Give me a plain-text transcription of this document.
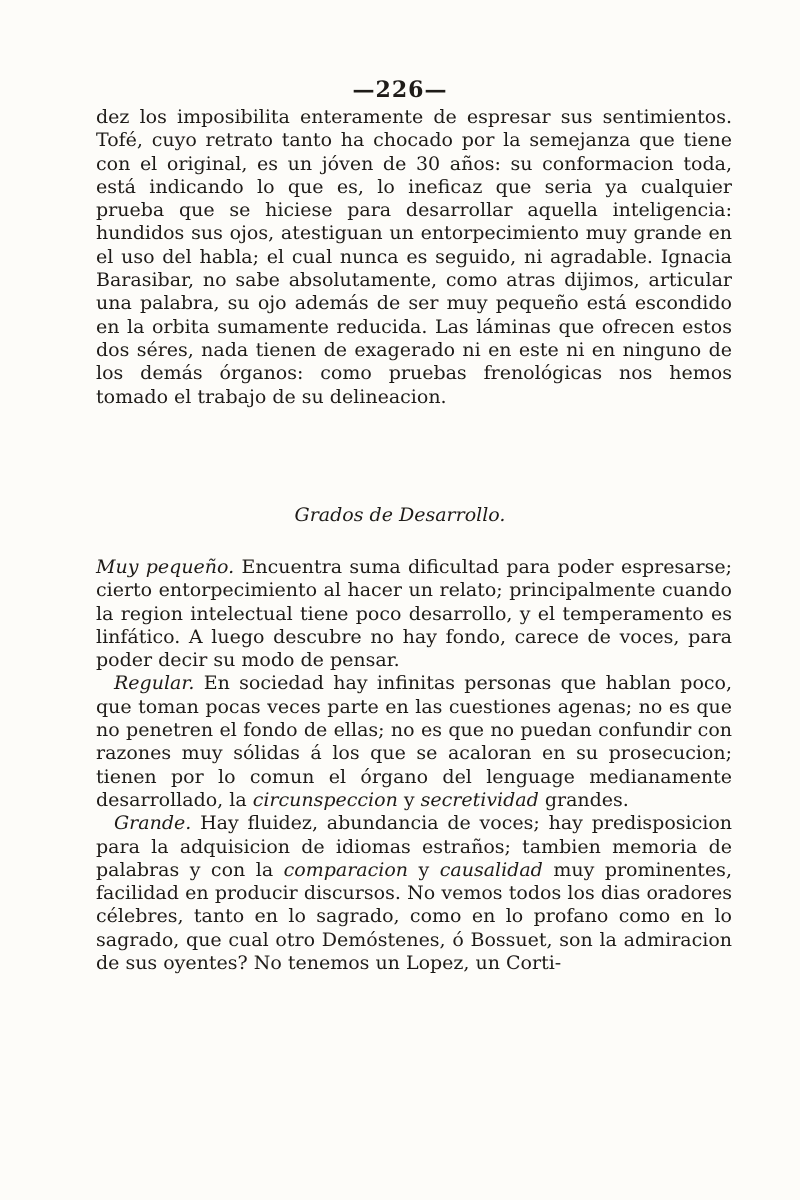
—226—

dez los imposibilita enteramente de espresar sus sentimientos. Tofé, cuyo retrato tanto ha chocado por la semejanza que tiene con el original, es un jóven de 30 años: su conformacion toda, está indicando lo que es, lo ineficaz que seria ya cualquier prueba que se hiciese para desarrollar aquella inteligencia: hundidos sus ojos, atestiguan un entorpecimiento muy grande en el uso del habla; el cual nunca es seguido, ni agradable. Ignacia Barasibar, no sabe absolutamente, como atras dijimos, articular una palabra, su ojo además de ser muy pequeño está escondido en la orbita sumamente reducida. Las láminas que ofrecen estos dos séres, nada tienen de exagerado ni en este ni en ninguno de los demás órganos: como pruebas frenológicas nos hemos tomado el trabajo de su delineacion.

Grados de Desarrollo.

Muy pequeño. Encuentra suma dificultad para poder espresarse; cierto entorpecimiento al hacer un relato; principalmente cuando la region intelectual tiene poco desarrollo, y el temperamento es linfático. A luego descubre no hay fondo, carece de voces, para poder decir su modo de pensar.

Regular. En sociedad hay infinitas personas que hablan poco, que toman pocas veces parte en las cuestiones agenas; no es que no penetren el fondo de ellas; no es que no puedan confundir con razones muy sólidas á los que se acaloran en su prosecucion; tienen por lo comun el órgano del lenguage medianamente desarrollado, la circunspeccion y secretividad grandes.

Grande. Hay fluidez, abundancia de voces; hay predisposicion para la adquisicion de idiomas estraños; tambien memoria de palabras y con la comparacion y causalidad muy prominentes, facilidad en producir discursos. No vemos todos los dias oradores célebres, tanto en lo sagrado, como en lo profano como en lo sagrado, que cual otro Demóstenes, ó Bossuet, son la admiracion de sus oyentes? No tenemos un Lopez, un Corti-
